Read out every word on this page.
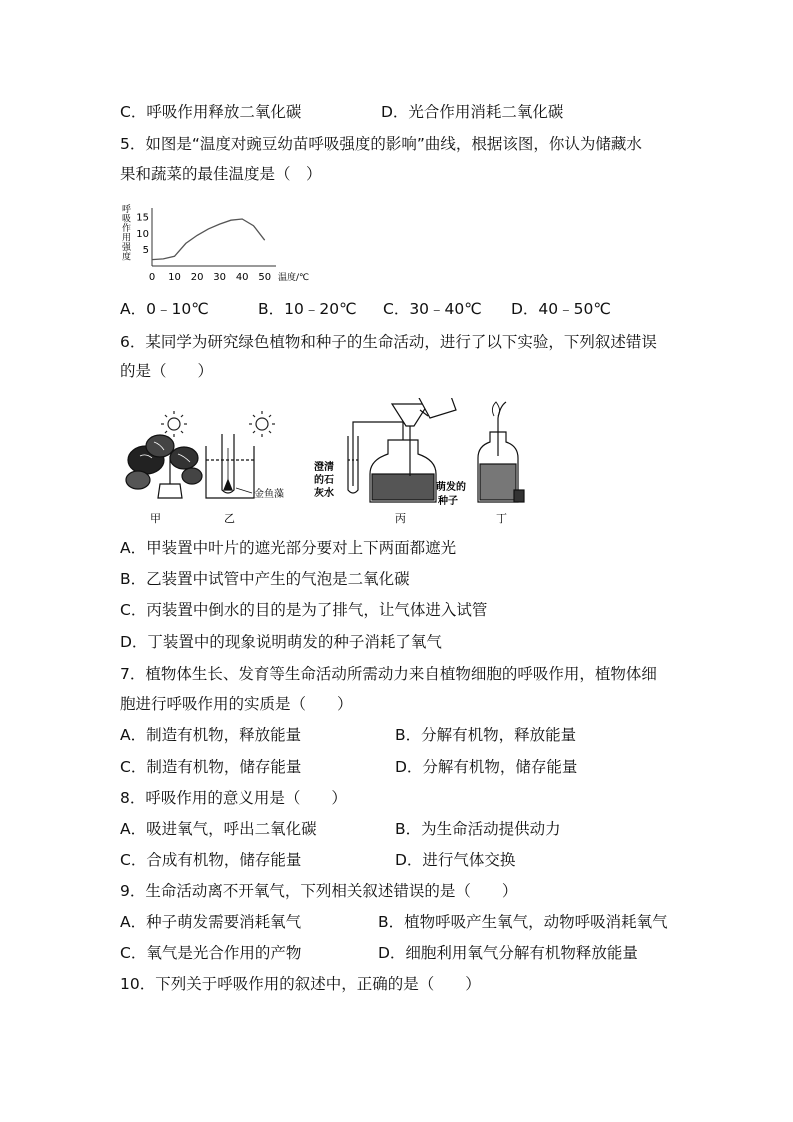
C．呼吸作用释放二氧化碳	D．光合作用消耗二氧化碳
5．如图是“温度对豌豆幼苗呼吸强度的影响”曲线，根据该图，你认为储藏水
果和蔬菜的最佳温度是（　）
呼
吸
作
用
强
度
5
10
15
0 10 20 30 40 50 温度/℃
A．0﹣10℃	B．10﹣20℃ C．30﹣40℃ D．40﹣50℃
6．某同学为研究绿色植物和种子的生命活动，进行了以下实验，下列叙述错误
的是（　　）
甲
金鱼藻
乙
澄清
的石
灰水
萌发的
种子
丙	丁
A．甲装置中叶片的遮光部分要对上下两面都遮光
B．乙装置中试管中产生的气泡是二氧化碳
C．丙装置中倒水的目的是为了排气，让气体进入试管
D．丁装置中的现象说明萌发的种子消耗了氧气
7．植物体生长、发育等生命活动所需动力来自植物细胞的呼吸作用，植物体细
胞进行呼吸作用的实质是（　　）
A．制造有机物，释放能量	B．分解有机物，释放能量
C．制造有机物，储存能量	D．分解有机物，储存能量
8．呼吸作用的意义用是（　　）
A．吸进氧气，呼出二氧化碳	B．为生命活动提供动力
C．合成有机物，储存能量	D．进行气体交换
9．生命活动离不开氧气，下列相关叙述错误的是（　　）
A．种子萌发需要消耗氧气	B．植物呼吸产生氧气，动物呼吸消耗氧气
C．氧气是光合作用的产物	D．细胞利用氧气分解有机物释放能量
10．下列关于呼吸作用的叙述中，正确的是（　　）
